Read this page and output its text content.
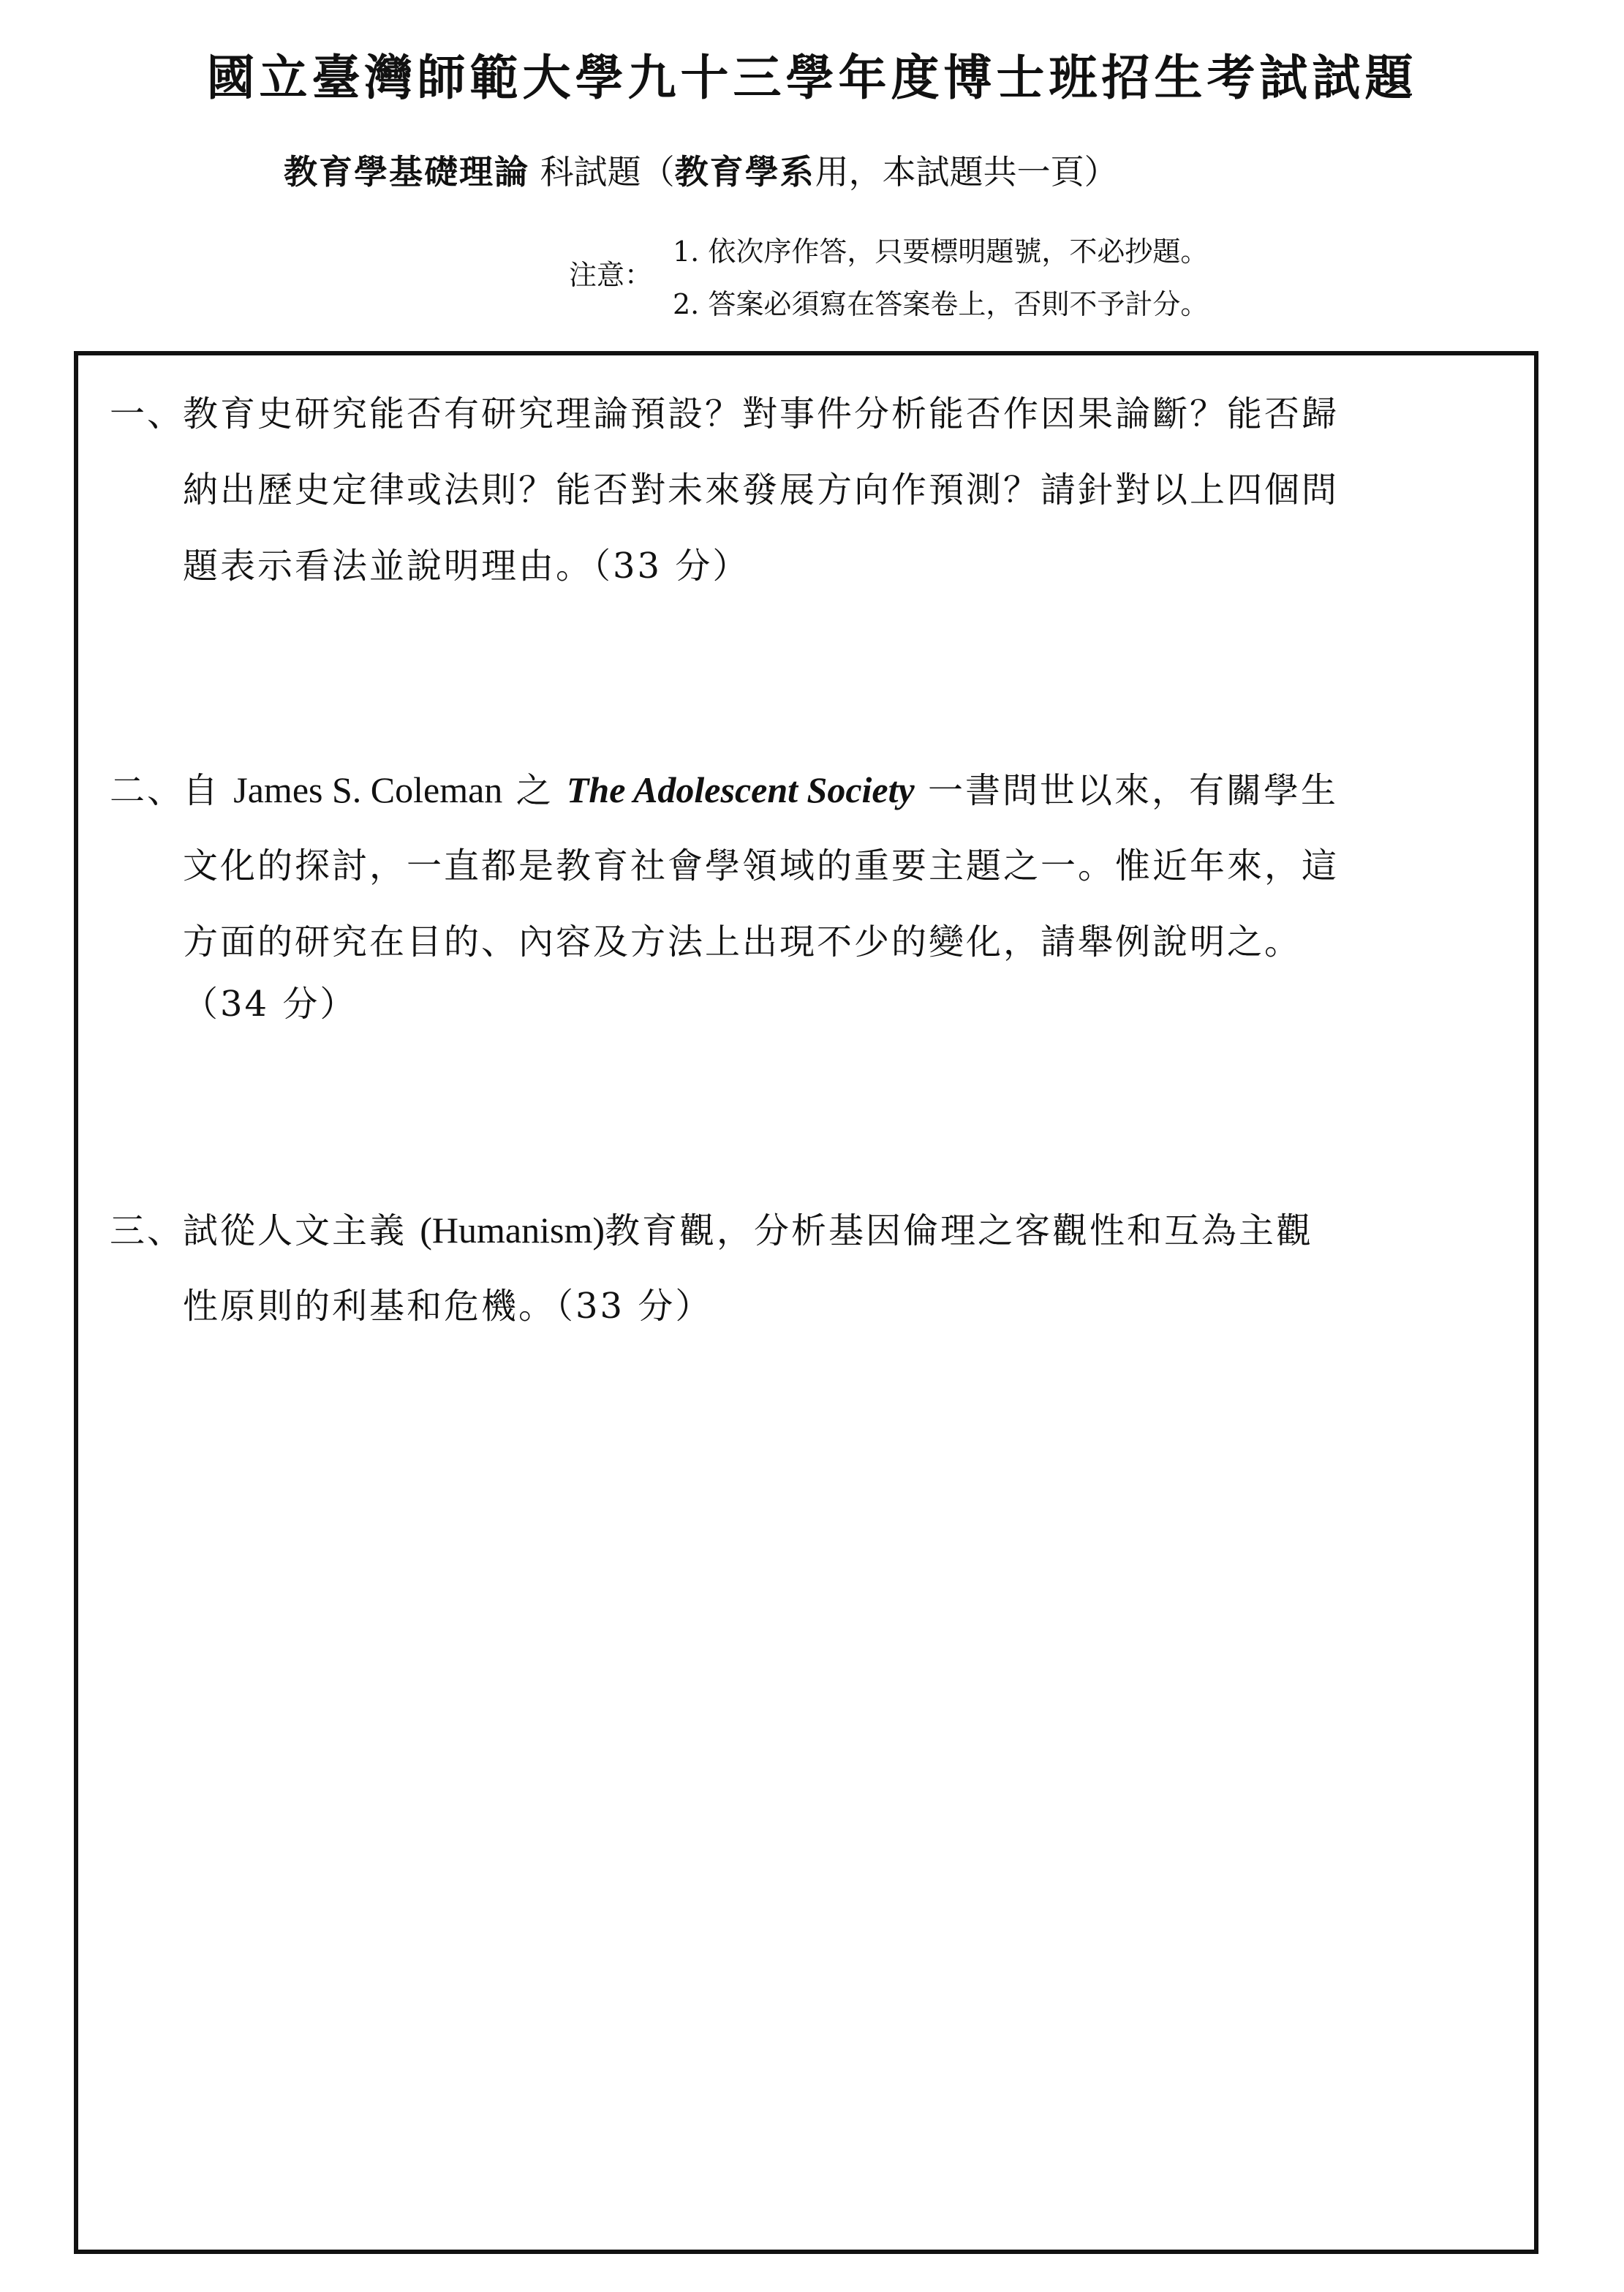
國立臺灣師範大學九十三學年度博士班招生考試試題
教育學基礎理論 科試題（教育學系用，本試題共一頁）
注意：
1. 依次序作答，只要標明題號，不必抄題。
2. 答案必須寫在答案卷上，否則不予計分。
一、教育史研究能否有研究理論預設？對事件分析能否作因果論斷？能否歸
納出歷史定律或法則？能否對未來發展方向作預測？請針對以上四個問
題表示看法並說明理由。（33 分）
二、自 James S. Coleman 之 The Adolescent Society 一書問世以來，有關學生
文化的探討，一直都是教育社會學領域的重要主題之一。惟近年來，這
方面的研究在目的、內容及方法上出現不少的變化，請舉例說明之。
（34 分）
三、試從人文主義 (Humanism)教育觀，分析基因倫理之客觀性和互為主觀
性原則的利基和危機。（33 分）
